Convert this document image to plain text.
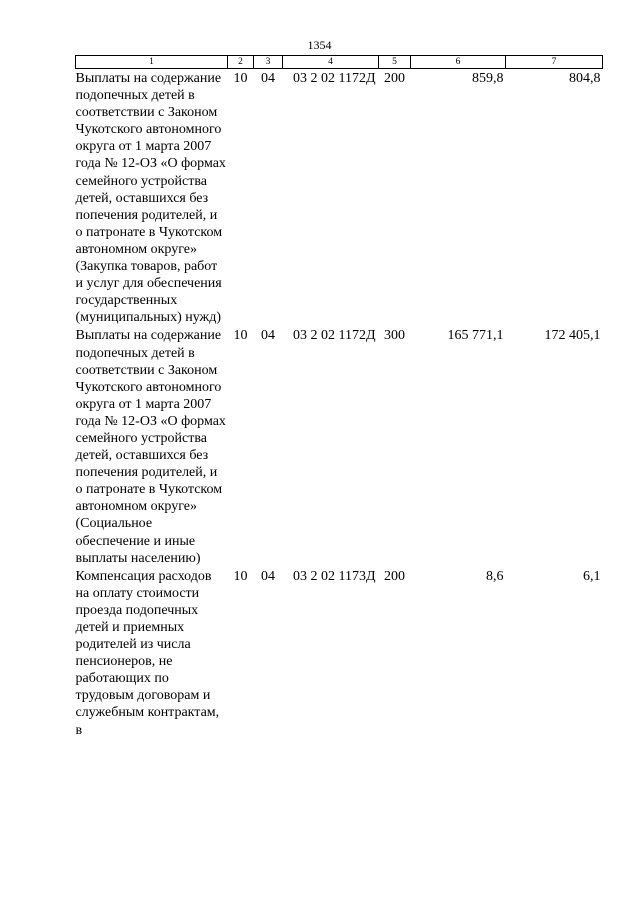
1354
1	2	3	4	5	6	7
Выплаты на содержание подопечных детей в соответствии с Законом Чукотского автономного округа от 1 марта 2007 года № 12-ОЗ «О формах семейного устройства детей, оставшихся без попечения родителей, и о патронате в Чукотском автономном округе» (Закупка товаров, работ и услуг для обеспечения государственных (муниципальных) нужд)	10	04	03 2 02 1172Д	200	859,8	804,8
Выплаты на содержание подопечных детей в соответствии с Законом Чукотского автономного округа от 1 марта 2007 года № 12-ОЗ «О формах семейного устройства детей, оставшихся без попечения родителей, и о патронате в Чукотском автономном округе» (Социальное обеспечение и иные выплаты населению)	10	04	03 2 02 1172Д	300	165 771,1	172 405,1
Компенсация расходов на оплату стоимости проезда подопечных детей и приемных родителей из числа пенсионеров, не работающих по трудовым договорам и служебным контрактам, в	10	04	03 2 02 1173Д	200	8,6	6,1
